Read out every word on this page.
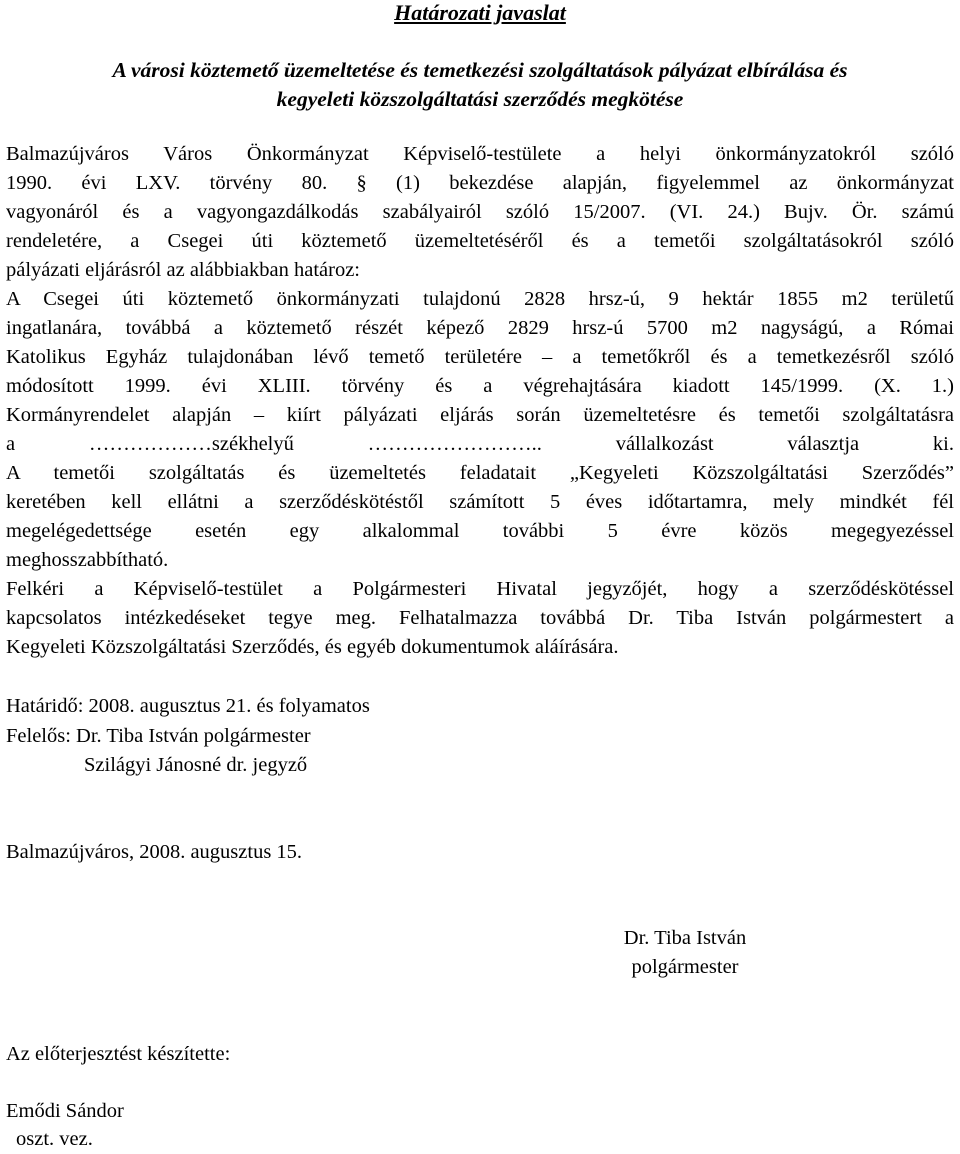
Határozati javaslat
A városi köztemető üzemeltetése és temetkezési szolgáltatások pályázat elbírálása és
kegyeleti közszolgáltatási szerződés megkötése
Balmazújváros Város Önkormányzat Képviselő-testülete a helyi önkormányzatokról szóló
1990. évi LXV. törvény 80. § (1) bekezdése alapján, figyelemmel az önkormányzat
vagyonáról és a vagyongazdálkodás szabályairól szóló 15/2007. (VI. 24.) Bujv. Ör. számú
rendeletére, a Csegei úti köztemető üzemeltetéséről és a temetői szolgáltatásokról szóló
pályázati eljárásról az alábbiakban határoz:
A Csegei úti köztemető önkormányzati tulajdonú 2828 hrsz-ú, 9 hektár 1855 m2 területű
ingatlanára, továbbá a köztemető részét képező 2829 hrsz-ú 5700 m2 nagyságú, a Római
Katolikus Egyház tulajdonában lévő temető területére – a temetőkről és a temetkezésről szóló
módosított 1999. évi XLIII. törvény és a végrehajtására kiadott 145/1999. (X. 1.)
Kormányrendelet alapján – kiírt pályázati eljárás során üzemeltetésre és temetői szolgáltatásra
a ………………székhelyű …………………….. vállalkozást választja ki.
A temetői szolgáltatás és üzemeltetés feladatait „Kegyeleti Közszolgáltatási Szerződés”
keretében kell ellátni a szerződéskötéstől számított 5 éves időtartamra, mely mindkét fél
megelégedettsége esetén egy alkalommal további 5 évre közös megegyezéssel
meghosszabbítható.
Felkéri a Képviselő-testület a Polgármesteri Hivatal jegyzőjét, hogy a szerződéskötéssel
kapcsolatos intézkedéseket tegye meg. Felhatalmazza továbbá Dr. Tiba István polgármestert a
Kegyeleti Közszolgáltatási Szerződés, és egyéb dokumentumok aláírására.
Határidő: 2008. augusztus 21. és folyamatos
Felelős: Dr. Tiba István polgármester
Szilágyi Jánosné dr. jegyző
Balmazújváros, 2008. augusztus 15.
Dr. Tiba István
polgármester
Az előterjesztést készítette:
Emődi Sándor
oszt. vez.
